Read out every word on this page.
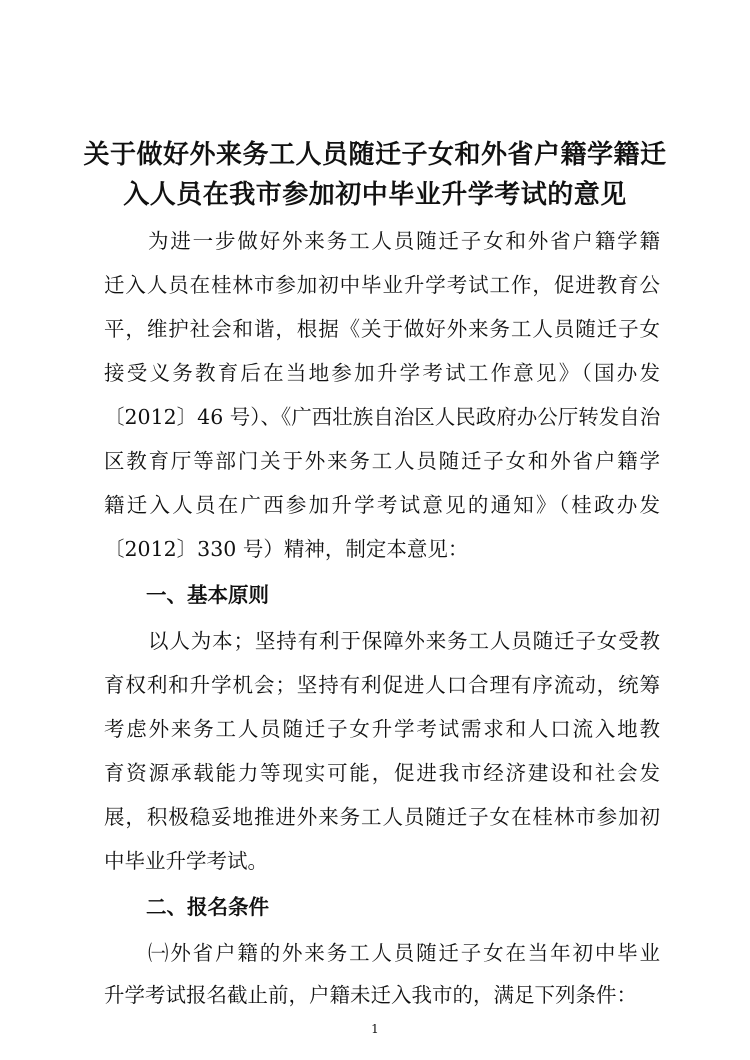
关于做好外来务工人员随迁子女和外省户籍学籍迁
入人员在我市参加初中毕业升学考试的意见

为进一步做好外来务工人员随迁子女和外省户籍学籍

迁入人员在桂林市参加初中毕业升学考试工作，促进教育公

平，维护社会和谐，根据《关于做好外来务工人员随迁子女

接受义务教育后在当地参加升学考试工作意见》（国办发

〔2012〕46 号）、《广西壮族自治区人民政府办公厅转发自治

区教育厅等部门关于外来务工人员随迁子女和外省户籍学

籍迁入人员在广西参加升学考试意见的通知》（桂政办发

〔2012〕330 号）精神，制定本意见：

一、基本原则

以人为本；坚持有利于保障外来务工人员随迁子女受教

育权利和升学机会；坚持有利促进人口合理有序流动，统筹

考虑外来务工人员随迁子女升学考试需求和人口流入地教

育资源承载能力等现实可能，促进我市经济建设和社会发

展，积极稳妥地推进外来务工人员随迁子女在桂林市参加初

中毕业升学考试。

二、报名条件

㈠外省户籍的外来务工人员随迁子女在当年初中毕业

1

升学考试报名截止前，户籍未迁入我市的，满足下列条件：
